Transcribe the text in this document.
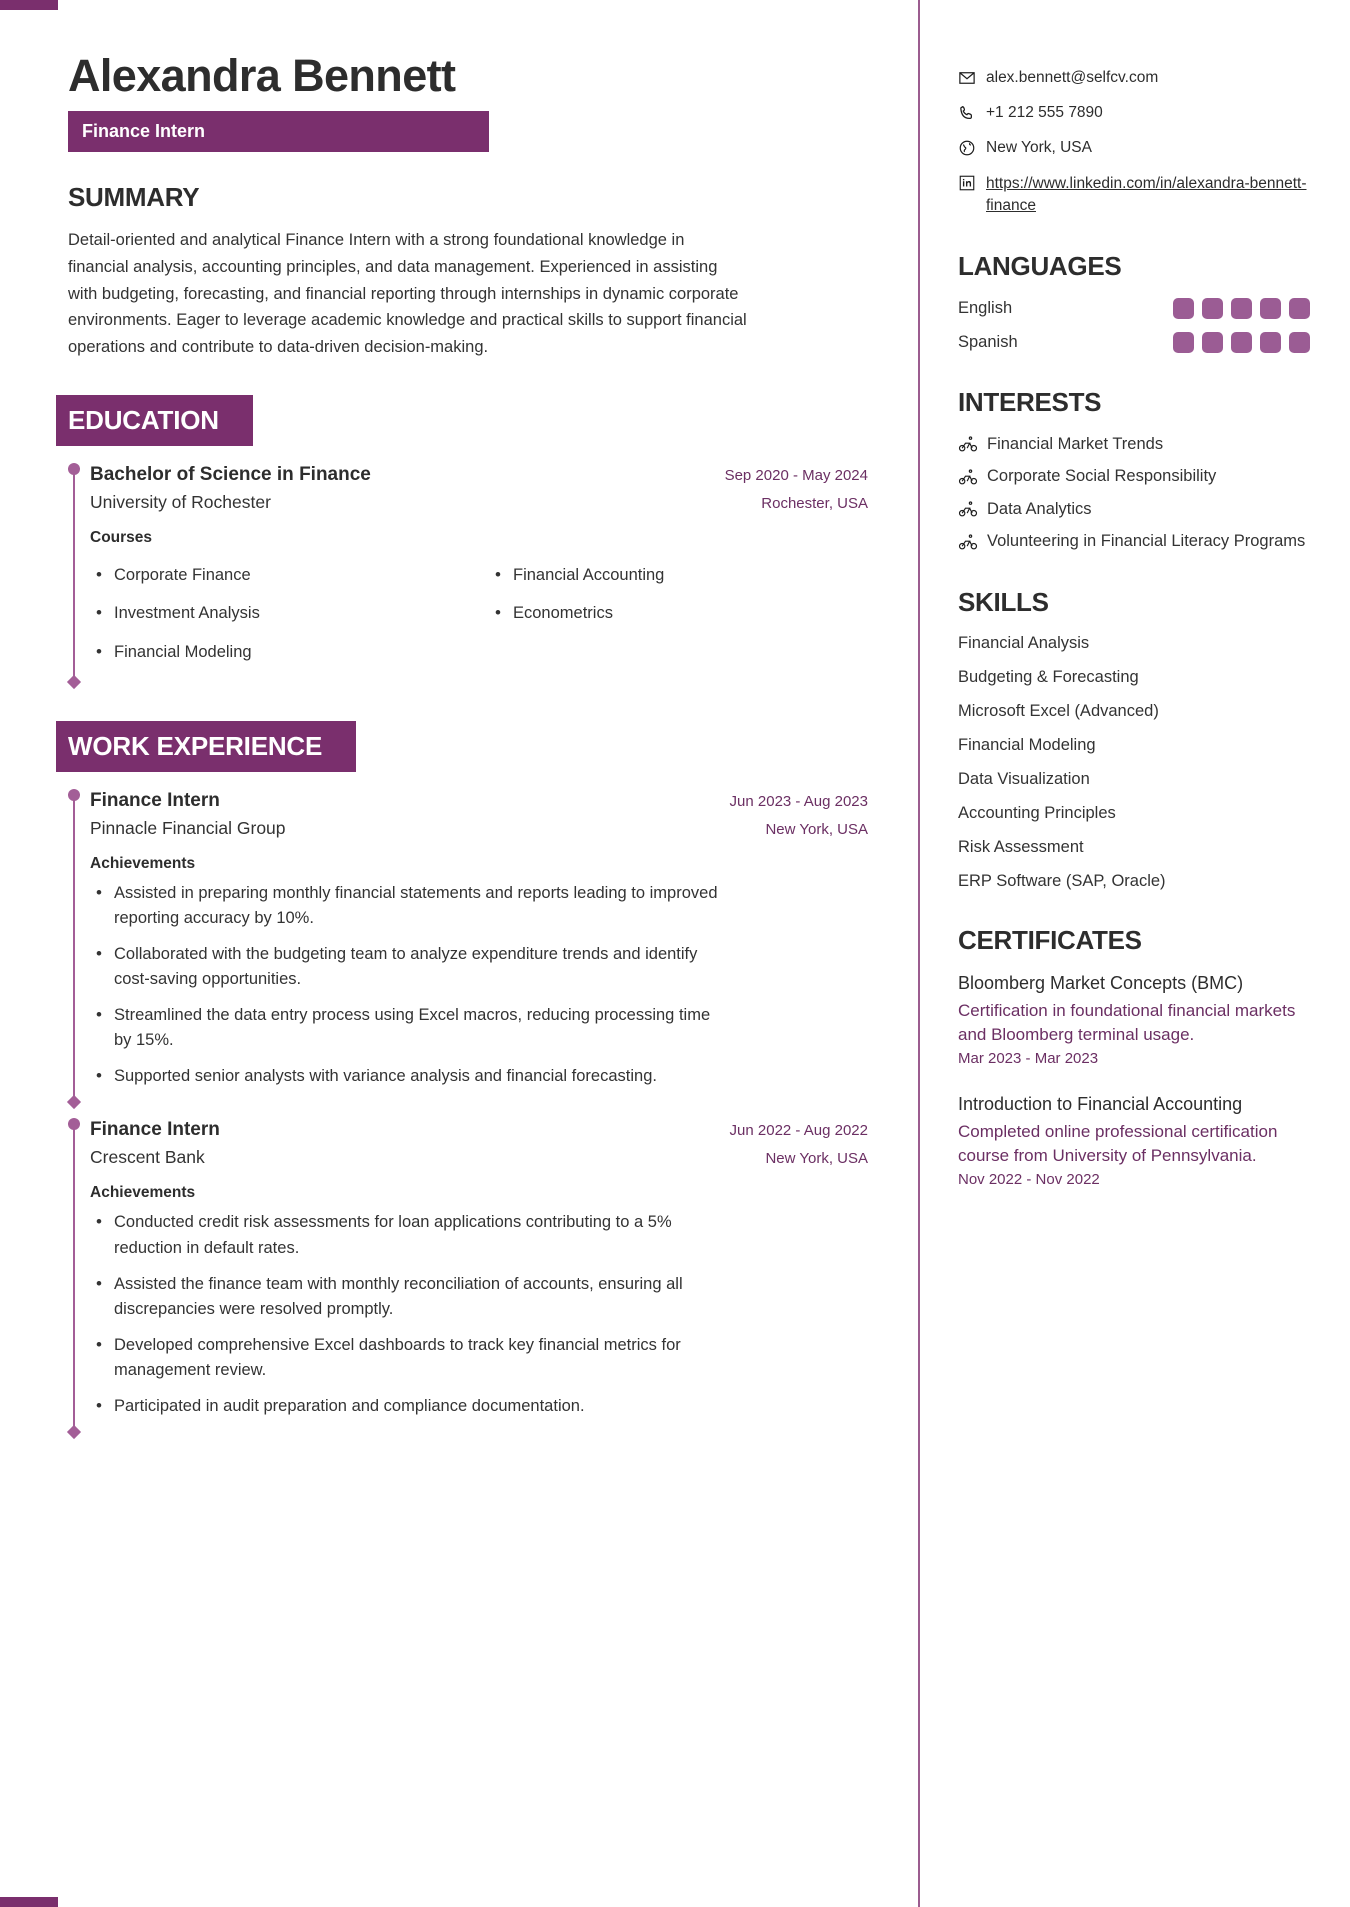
Alexandra Bennett
Finance Intern
SUMMARY

Detail-oriented and analytical Finance Intern with a strong foundational knowledge in financial analysis, accounting principles, and data management. Experienced in assisting with budgeting, forecasting, and financial reporting through internships in dynamic corporate environments. Eager to leverage academic knowledge and practical skills to support financial operations and contribute to data-driven decision-making.

EDUCATION
Bachelor of Science in Finance	Sep 2020 - May 2024
University of Rochester	Rochester, USA
Courses
• Corporate Finance
• Investment Analysis
• Financial Modeling
• Financial Accounting
• Econometrics
WORK EXPERIENCE
Finance Intern	Jun 2023 - Aug 2023
Pinnacle Financial Group	New York, USA
Achievements
• Assisted in preparing monthly financial statements and reports leading to improved reporting accuracy by 10%.
• Collaborated with the budgeting team to analyze expenditure trends and identify cost-saving opportunities.
• Streamlined the data entry process using Excel macros, reducing processing time by 15%.
• Supported senior analysts with variance analysis and financial forecasting.
Finance Intern	Jun 2022 - Aug 2022
Crescent Bank	New York, USA
Achievements
• Conducted credit risk assessments for loan applications contributing to a 5% reduction in default rates.
• Assisted the finance team with monthly reconciliation of accounts, ensuring all discrepancies were resolved promptly.
• Developed comprehensive Excel dashboards to track key financial metrics for management review.
• Participated in audit preparation and compliance documentation.
alex.bennett@selfcv.com
+1 212 555 7890
New York, USA
https://www.linkedin.com/in/alexandra-bennett-finance
LANGUAGES
English
Spanish
INTERESTS
Financial Market Trends
Corporate Social Responsibility
Data Analytics
Volunteering in Financial Literacy Programs
SKILLS
Financial Analysis
Budgeting & Forecasting
Microsoft Excel (Advanced)
Financial Modeling
Data Visualization
Accounting Principles
Risk Assessment
ERP Software (SAP, Oracle)
CERTIFICATES
Bloomberg Market Concepts (BMC)
Certification in foundational financial markets and Bloomberg terminal usage.
Mar 2023 - Mar 2023
Introduction to Financial Accounting
Completed online professional certification course from University of Pennsylvania.
Nov 2022 - Nov 2022
